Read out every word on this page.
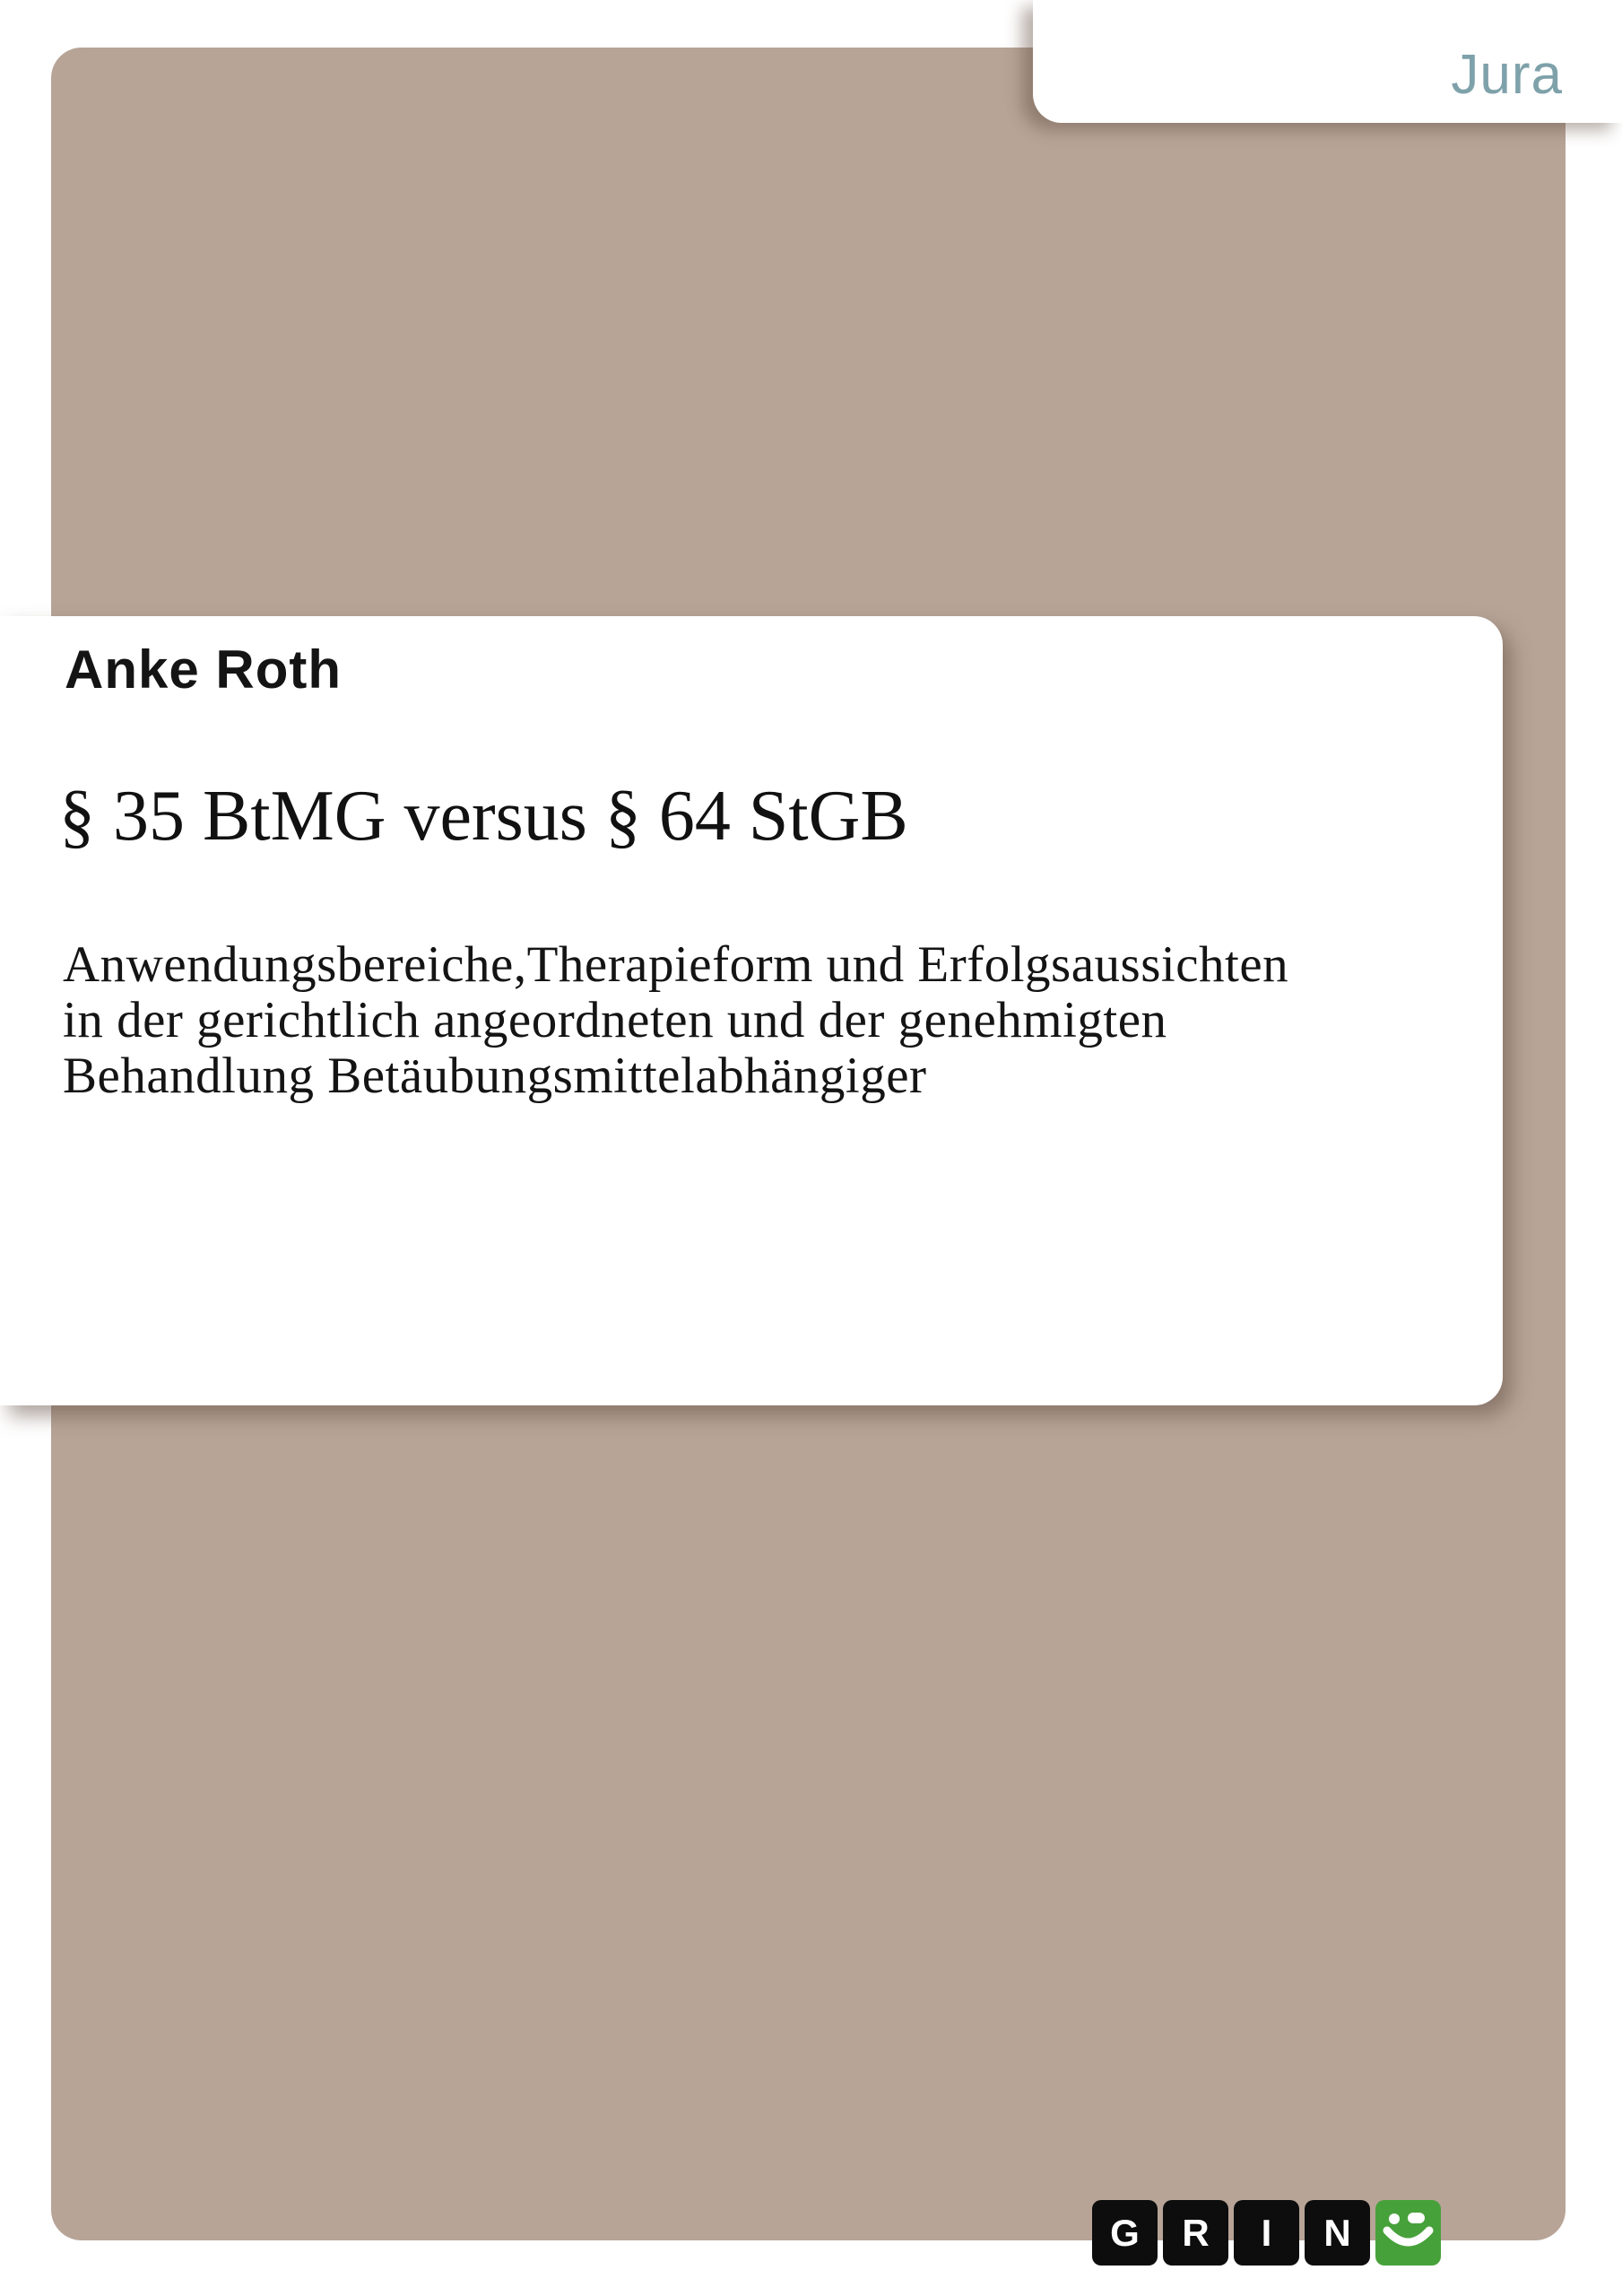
Jura
Anke Roth
§ 35 BtMG versus § 64 StGB
Anwendungsbereiche,Therapieform und Erfolgsaussichten
in der gerichtlich angeordneten und der genehmigten
Behandlung Betäubungsmittelabhängiger
G R I N
